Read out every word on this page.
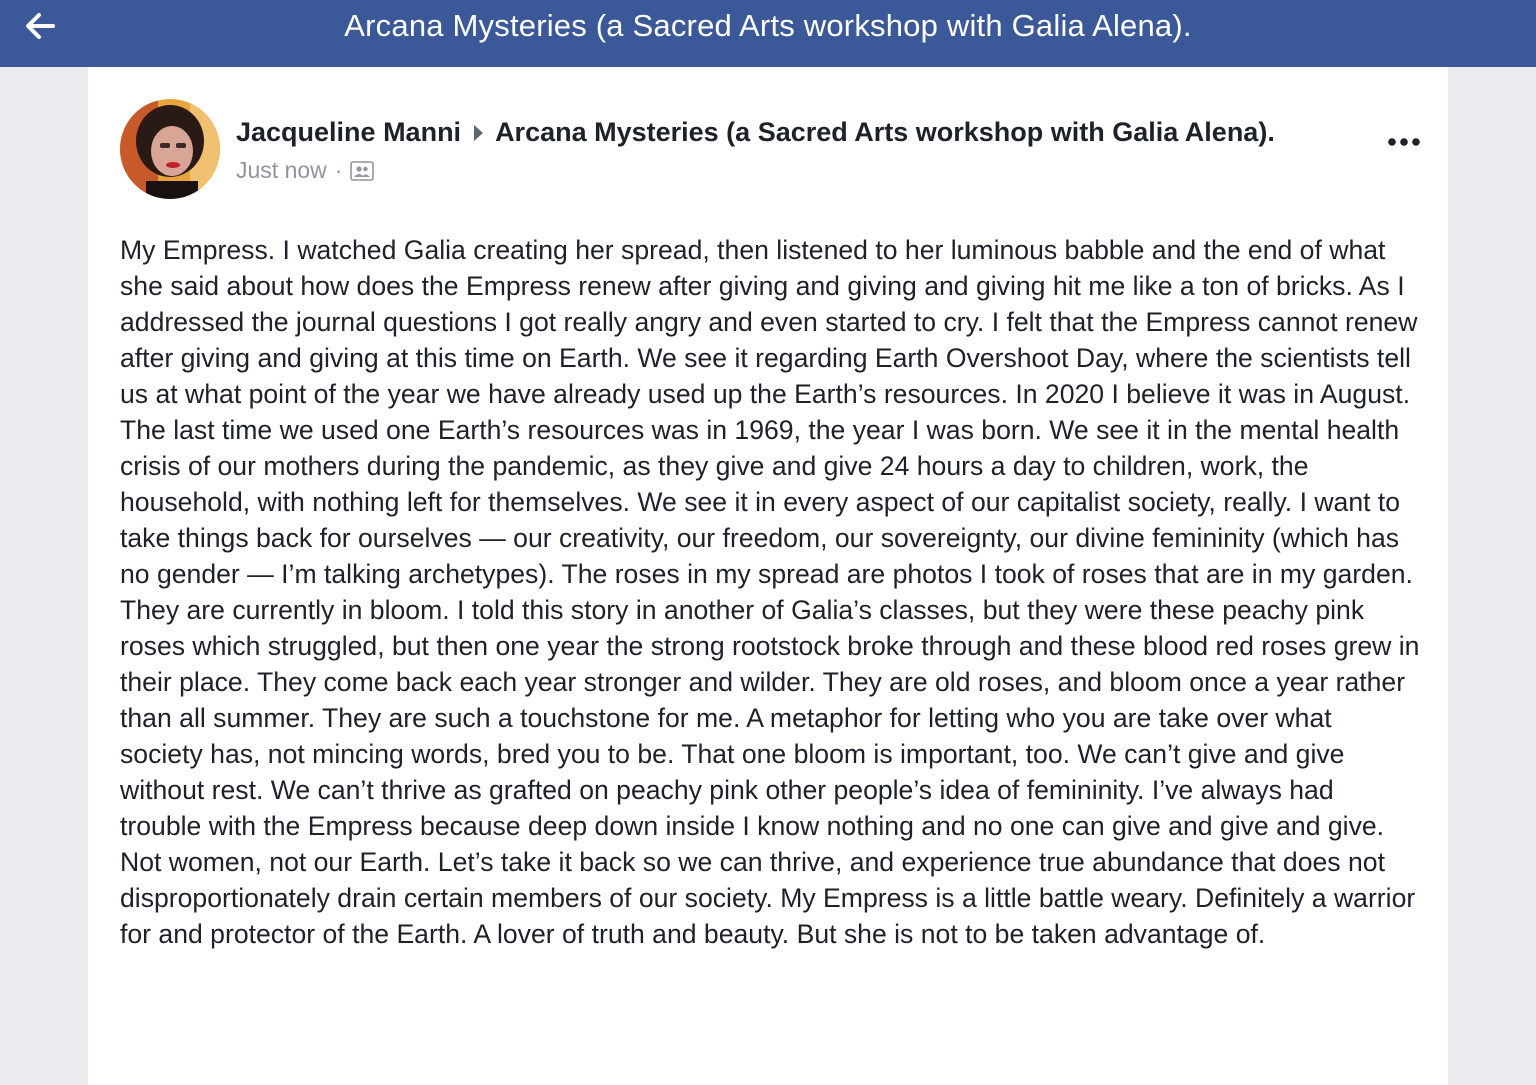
Arcana Mysteries (a Sacred Arts workshop with Galia Alena).
Jacqueline Manni Arcana Mysteries (a Sacred Arts workshop with Galia Alena).
Just now ·

My Empress. I watched Galia creating her spread, then listened to her luminous babble and the end of what she said about how does the Empress renew after giving and giving and giving hit me like a ton of bricks. As I addressed the journal questions I got really angry and even started to cry. I felt that the Empress cannot renew after giving and giving at this time on Earth. We see it regarding Earth Overshoot Day, where the scientists tell us at what point of the year we have already used up the Earth’s resources. In 2020 I believe it was in August. The last time we used one Earth’s resources was in 1969, the year I was born. We see it in the mental health crisis of our mothers during the pandemic, as they give and give 24 hours a day to children, work, the household, with nothing left for themselves. We see it in every aspect of our capitalist society, really. I want to take things back for ourselves — our creativity, our freedom, our sovereignty, our divine femininity (which has no gender — I’m talking archetypes). The roses in my spread are photos I took of roses that are in my garden. They are currently in bloom. I told this story in another of Galia’s classes, but they were these peachy pink roses which struggled, but then one year the strong rootstock broke through and these blood red roses grew in their place. They come back each year stronger and wilder. They are old roses, and bloom once a year rather than all summer. They are such a touchstone for me. A metaphor for letting who you are take over what society has, not mincing words, bred you to be. That one bloom is important, too. We can’t give and give without rest. We can’t thrive as grafted on peachy pink other people’s idea of femininity. I’ve always had trouble with the Empress because deep down inside I know nothing and no one can give and give and give. Not women, not our Earth. Let’s take it back so we can thrive, and experience true abundance that does not disproportionately drain certain members of our society. My Empress is a little battle weary. Definitely a warrior for and protector of the Earth. A lover of truth and beauty. But she is not to be taken advantage of.
